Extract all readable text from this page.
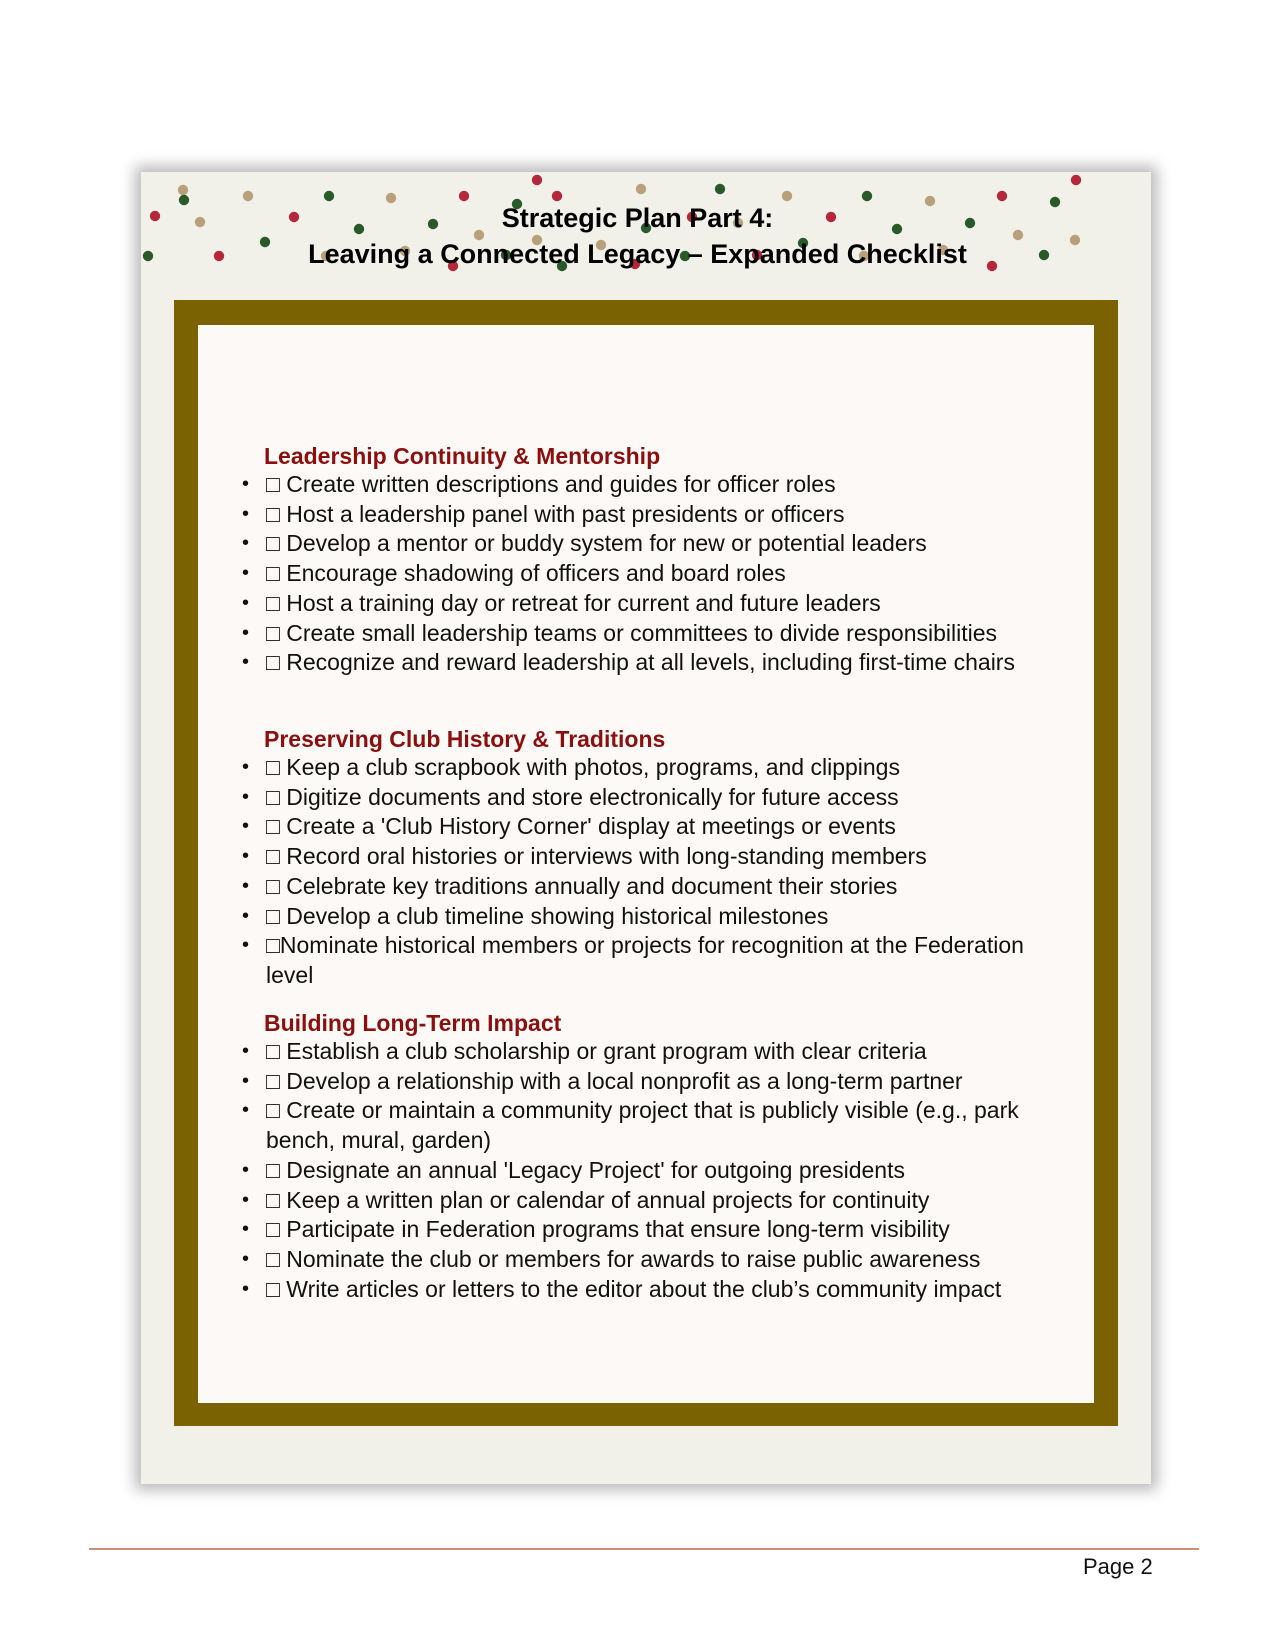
Strategic Plan Part 4:
Leaving a Connected Legacy – Expanded Checklist
Leadership Continuity & Mentorship
• □ Create written descriptions and guides for officer roles
• □ Host a leadership panel with past presidents or officers
• □ Develop a mentor or buddy system for new or potential leaders
• □ Encourage shadowing of officers and board roles
• □ Host a training day or retreat for current and future leaders
• □ Create small leadership teams or committees to divide responsibilities
• □ Recognize and reward leadership at all levels, including first-time chairs
Preserving Club History & Traditions
• □ Keep a club scrapbook with photos, programs, and clippings
• □ Digitize documents and store electronically for future access
• □ Create a 'Club History Corner' display at meetings or events
• □ Record oral histories or interviews with long-standing members
• □ Celebrate key traditions annually and document their stories
• □ Develop a club timeline showing historical milestones
• □Nominate historical members or projects for recognition at the Federation level
Building Long-Term Impact
• □ Establish a club scholarship or grant program with clear criteria
• □ Develop a relationship with a local nonprofit as a long-term partner
• □ Create or maintain a community project that is publicly visible (e.g., park bench, mural, garden)
• □ Designate an annual 'Legacy Project' for outgoing presidents
• □ Keep a written plan or calendar of annual projects for continuity
• □ Participate in Federation programs that ensure long-term visibility
• □ Nominate the club or members for awards to raise public awareness
• □ Write articles or letters to the editor about the club’s community impact
Page 2
